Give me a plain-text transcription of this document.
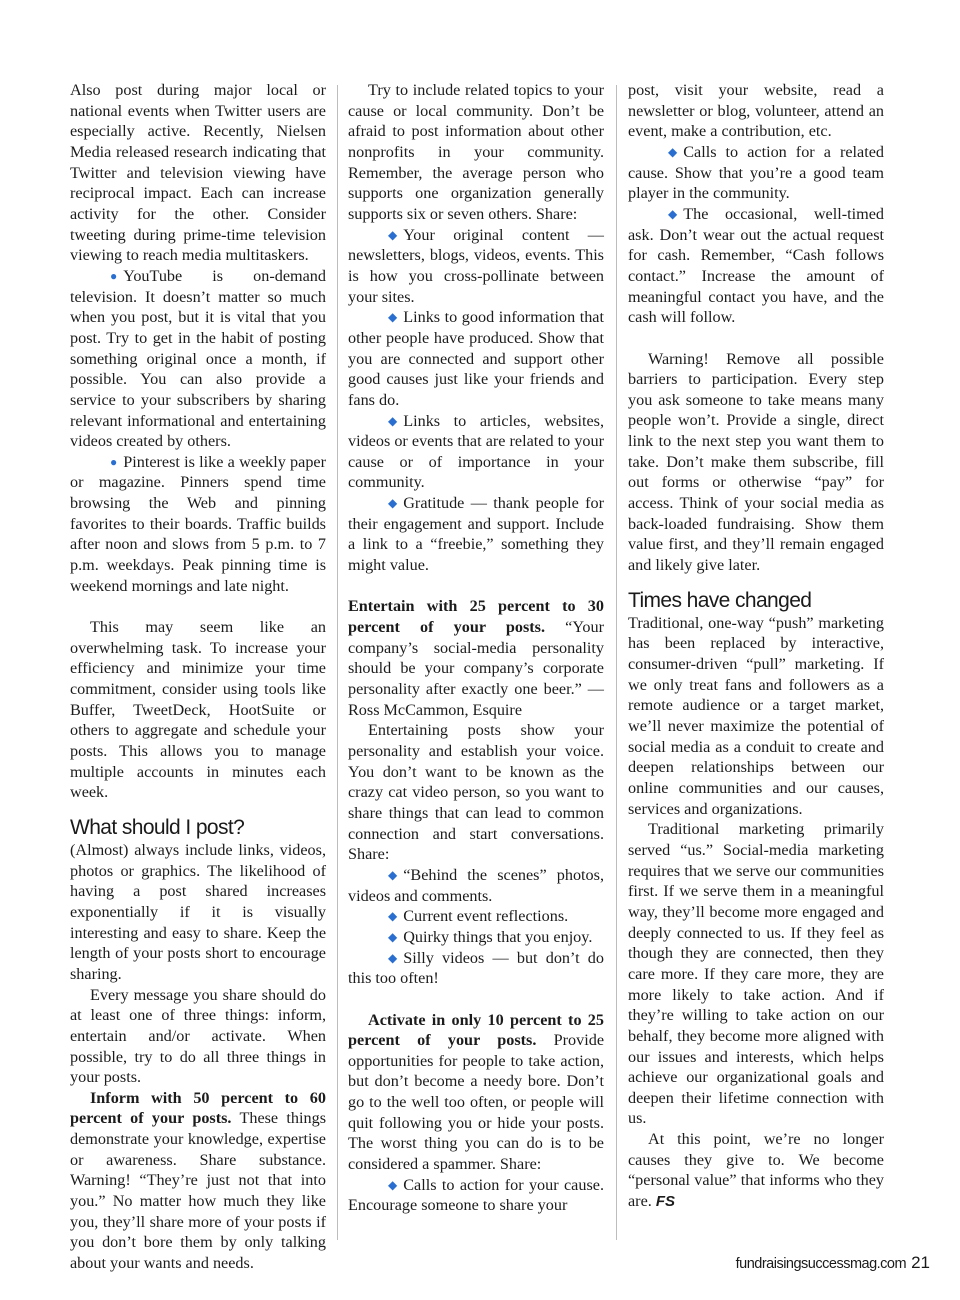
Also post during major local or national events when Twitter users are especially active. Recently, Nielsen Media released research indicating that Twitter and television viewing have reciprocal impact. Each can increase activity for the other. Consider tweeting during prime-time television viewing to reach media multitaskers.

● YouTube is on-demand television. It doesn’t matter so much when you post, but it is vital that you post. Try to get in the habit of posting something original once a month, if possible. You can also provide a service to your subscribers by sharing relevant informational and entertaining videos created by others.

● Pinterest is like a weekly paper or magazine. Pinners spend time browsing the Web and pinning favorites to their boards. Traffic builds after noon and slows from 5 p.m. to 7 p.m. weekdays. Peak pinning time is weekend mornings and late night.

This may seem like an overwhelming task. To increase your efficiency and minimize your time commitment, consider using tools like Buffer, TweetDeck, HootSuite or others to aggregate and schedule your posts. This allows you to manage multiple accounts in minutes each week.

What should I post?

(Almost) always include links, videos, photos or graphics. The likelihood of having a post shared increases exponentially if it is visually interesting and easy to share. Keep the length of your posts short to encourage sharing.

Every message you share should do at least one of three things: inform, entertain and/or activate. When possible, try to do all three things in your posts.

Inform with 50 percent to 60 percent of your posts. These things demonstrate your knowledge, expertise or awareness. Share substance. Warning! “They’re just not that into you.” No matter how much they like you, they’ll share more of your posts if you don’t bore them by only talking about your wants and needs.

Try to include related topics to your cause or local community. Don’t be afraid to post information about other nonprofits in your community. Remember, the average person who supports one organization generally supports six or seven others. Share:

◆ Your original content — newsletters, blogs, videos, events. This is how you cross-pollinate between your sites.

◆ Links to good information that other people have produced. Show that you are connected and support other good causes just like your friends and fans do.

◆ Links to articles, websites, videos or events that are related to your cause or of importance in your community.

◆ Gratitude — thank people for their engagement and support. Include a link to a “freebie,” something they might value.

Entertain with 25 percent to 30 percent of your posts. “Your company’s social-media personality should be your company’s corporate personality after exactly one beer.” — Ross McCammon, Esquire

Entertaining posts show your personality and establish your voice. You don’t want to be known as the crazy cat video person, so you want to share things that can lead to common connection and start conversations. Share:

◆ “Behind the scenes” photos, videos and comments.

◆ Current event reflections.

◆ Quirky things that you enjoy.

◆ Silly videos — but don’t do this too often!

Activate in only 10 percent to 25 percent of your posts. Provide opportunities for people to take action, but don’t become a needy bore. Don’t go to the well too often, or people will quit following you or hide your posts. The worst thing you can do is to be considered a spammer. Share:

◆ Calls to action for your cause. Encourage someone to share your

post, visit your website, read a newsletter or blog, volunteer, attend an event, make a contribution, etc.

◆ Calls to action for a related cause. Show that you’re a good team player in the community.

◆ The occasional, well-timed ask. Don’t wear out the actual request for cash. Remember, “Cash follows contact.” Increase the amount of meaningful contact you have, and the cash will follow.

Warning! Remove all possible barriers to participation. Every step you ask someone to take means many people won’t. Provide a single, direct link to the next step you want them to take. Don’t make them subscribe, fill out forms or otherwise “pay” for access. Think of your social media as back-loaded fundraising. Show them value first, and they’ll remain engaged and likely give later.

Times have changed

Traditional, one-way “push” marketing has been replaced by interactive, consumer-driven “pull” marketing. If we only treat fans and followers as a remote audience or a target market, we’ll never maximize the potential of social media as a conduit to create and deepen relationships between our online communities and our causes, services and organizations.

Traditional marketing primarily served “us.” Social-media marketing requires that we serve our communities first. If we serve them in a meaningful way, they’ll become more engaged and deeply connected to us. If they feel as though they are connected, then they care more. If they care more, they are more likely to take action. And if they’re willing to take action on our behalf, they become more aligned with our issues and interests, which helps achieve our organizational goals and deepen their lifetime connection with us.

At this point, we’re no longer causes they give to. We become “personal value” that informs who they are. FS

fundraisingsuccessmag.com 21
